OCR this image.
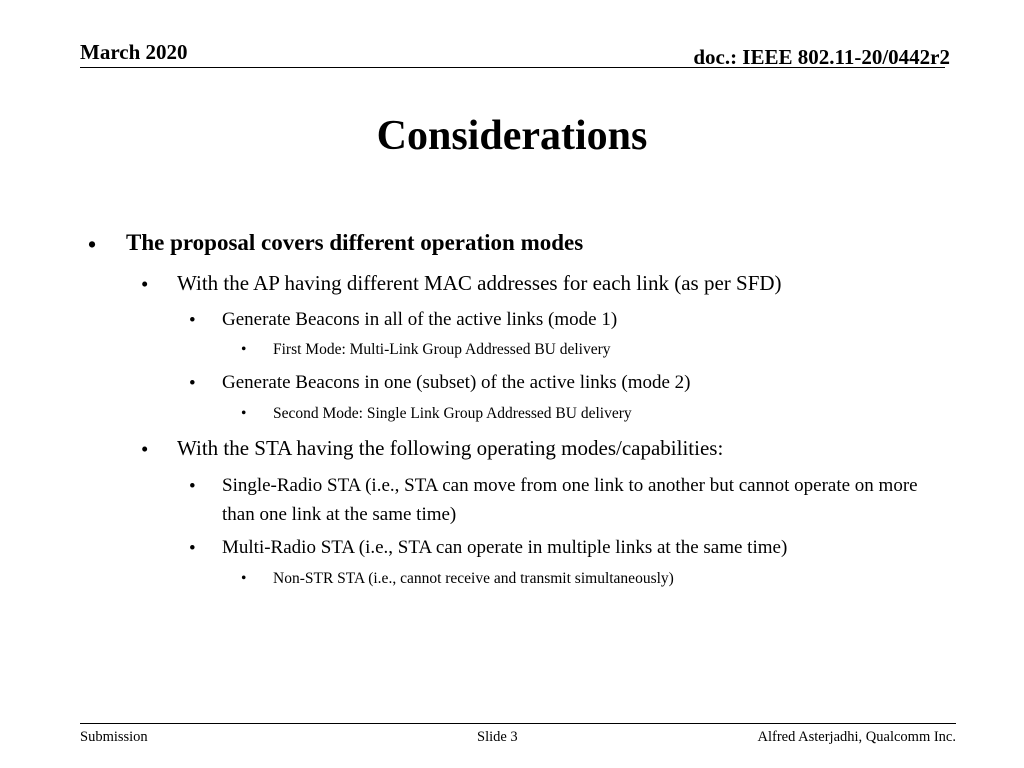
March 2020	doc.: IEEE 802.11-20/0442r2
Considerations
• The proposal covers different operation modes
• With the AP having different MAC addresses for each link (as per SFD)
• Generate Beacons in all of the active links (mode 1)
• First Mode: Multi-Link Group Addressed BU delivery
• Generate Beacons in one (subset) of the active links (mode 2)
• Second Mode: Single Link Group Addressed BU delivery
• With the STA having the following operating modes/capabilities:
• Single-Radio STA (i.e., STA can move from one link to another but cannot operate on more than one link at the same time)
• Multi-Radio STA (i.e., STA can operate in multiple links at the same time)
• Non-STR STA (i.e., cannot receive and transmit simultaneously)
Submission	Slide 3	Alfred Asterjadhi, Qualcomm Inc.
